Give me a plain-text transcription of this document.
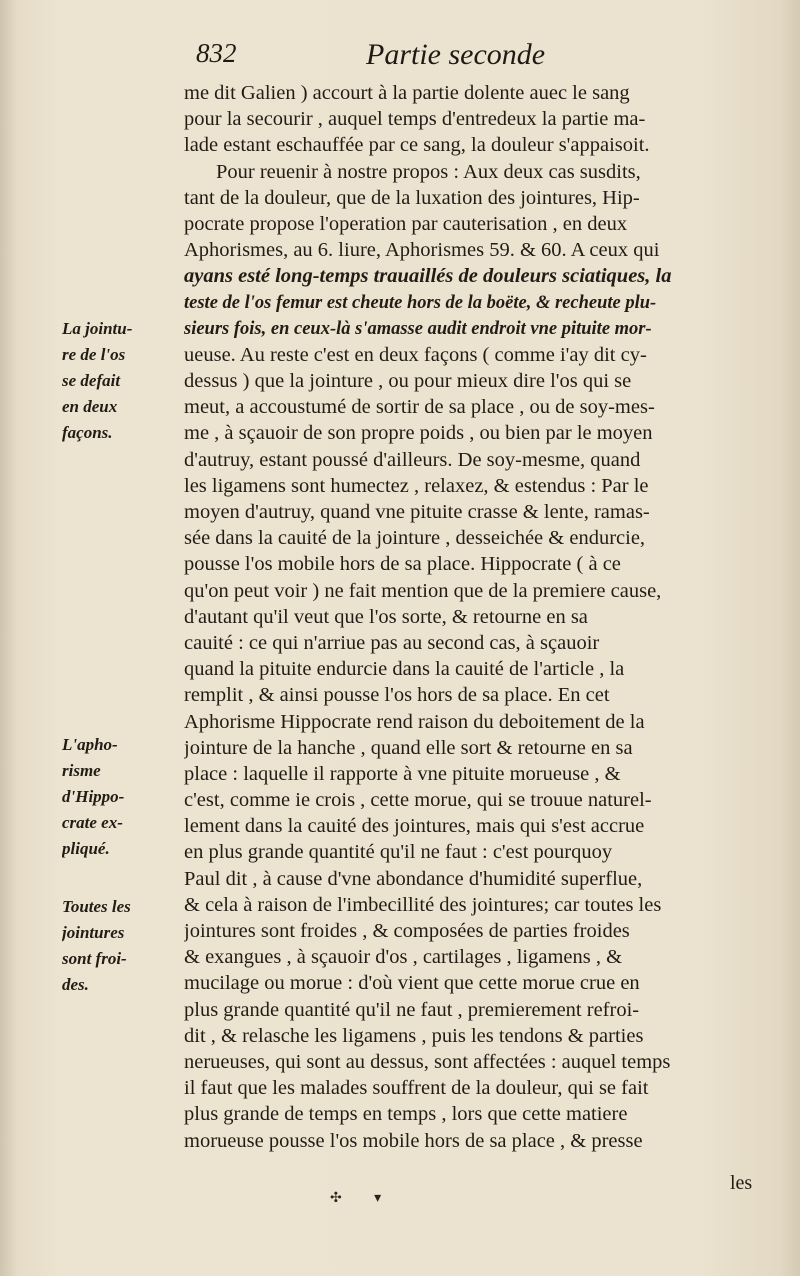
832	Partie seconde
me dit Galien ) accourt à la partie dolente auec le sang
pour la secourir , auquel temps d'entredeux la partie ma-
lade estant eschauffée par ce sang, la douleur s'appaisoit.
Pour reuenir à nostre propos : Aux deux cas susdits,
tant de la douleur, que de la luxation des jointures, Hip-
pocrate propose l'operation par cauterisation , en deux
Aphorismes, au 6. liure, Aphorismes 59. & 60. A ceux qui
ayans esté long-temps trauaillés de douleurs sciatiques, la
teste de l'os femur est cheute hors de la boëte, & recheute plu-
sieurs fois, en ceux-là s'amasse audit endroit vne pituite mor-
ueuse. Au reste c'est en deux façons ( comme i'ay dit cy-
dessus ) que la jointure , ou pour mieux dire l'os qui se
meut, a accoustumé de sortir de sa place , ou de soy-mes-
me , à sçauoir de son propre poids , ou bien par le moyen
d'autruy, estant poussé d'ailleurs. De soy-mesme, quand
les ligamens sont humectez , relaxez, & estendus : Par le
moyen d'autruy, quand vne pituite crasse & lente, ramas-
sée dans la cauité de la jointure , desseichée & endurcie,
pousse l'os mobile hors de sa place. Hippocrate ( à ce
qu'on peut voir ) ne fait mention que de la premiere cause,
d'autant qu'il veut que l'os sorte, & retourne en sa
cauité : ce qui n'arriue pas au second cas, à sçauoir
quand la pituite endurcie dans la cauité de l'article , la
remplit , & ainsi pousse l'os hors de sa place. En cet
Aphorisme Hippocrate rend raison du deboitement de la
jointure de la hanche , quand elle sort & retourne en sa
place : laquelle il rapporte à vne pituite morueuse , &
c'est, comme ie crois , cette morue, qui se trouue naturel-
lement dans la cauité des jointures, mais qui s'est accrue
en plus grande quantité qu'il ne faut : c'est pourquoy
Paul dit , à cause d'vne abondance d'humidité superflue,
& cela à raison de l'imbecillité des jointures; car toutes les
jointures sont froides , & composées de parties froides
& exangues , à sçauoir d'os , cartilages , ligamens , &
mucilage ou morue : d'où vient que cette morue crue en
plus grande quantité qu'il ne faut , premierement refroi-
dit , & relasche les ligamens , puis les tendons & parties
nerueuses, qui sont au dessus, sont affectées : auquel temps
il faut que les malades souffrent de la douleur, qui se fait
plus grande de temps en temps , lors que cette matiere
morueuse pousse l'os mobile hors de sa place , & presse
La jointu-
re de l'os
se defait
en deux
façons.
L'apho-
risme
d'Hippo-
crate ex-
pliqué.
Toutes les
jointures
sont froi-
des.
les
✣ ▾
